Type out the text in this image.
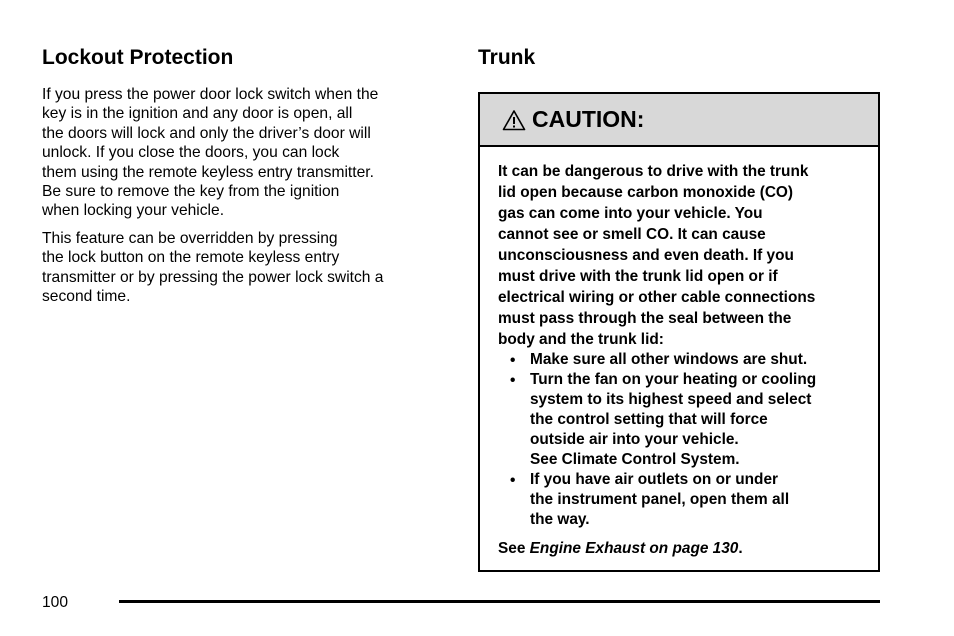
Lockout Protection

If you press the power door lock switch when the
key is in the ignition and any door is open, all
the doors will lock and only the driver’s door will
unlock. If you close the doors, you can lock
them using the remote keyless entry transmitter.
Be sure to remove the key from the ignition
when locking your vehicle.

This feature can be overridden by pressing
the lock button on the remote keyless entry
transmitter or by pressing the power lock switch a
second time.

Trunk
CAUTION:
It can be dangerous to drive with the trunk
lid open because carbon monoxide (CO)
gas can come into your vehicle. You
cannot see or smell CO. It can cause
unconsciousness and even death. If you
must drive with the trunk lid open or if
electrical wiring or other cable connections
must pass through the seal between the
body and the trunk lid:
• Make sure all other windows are shut.
• Turn the fan on your heating or cooling
system to its highest speed and select
the control setting that will force
outside air into your vehicle.
See Climate Control System.
• If you have air outlets on or under
the instrument panel, open them all
the way.
See Engine Exhaust on page 130.
100
